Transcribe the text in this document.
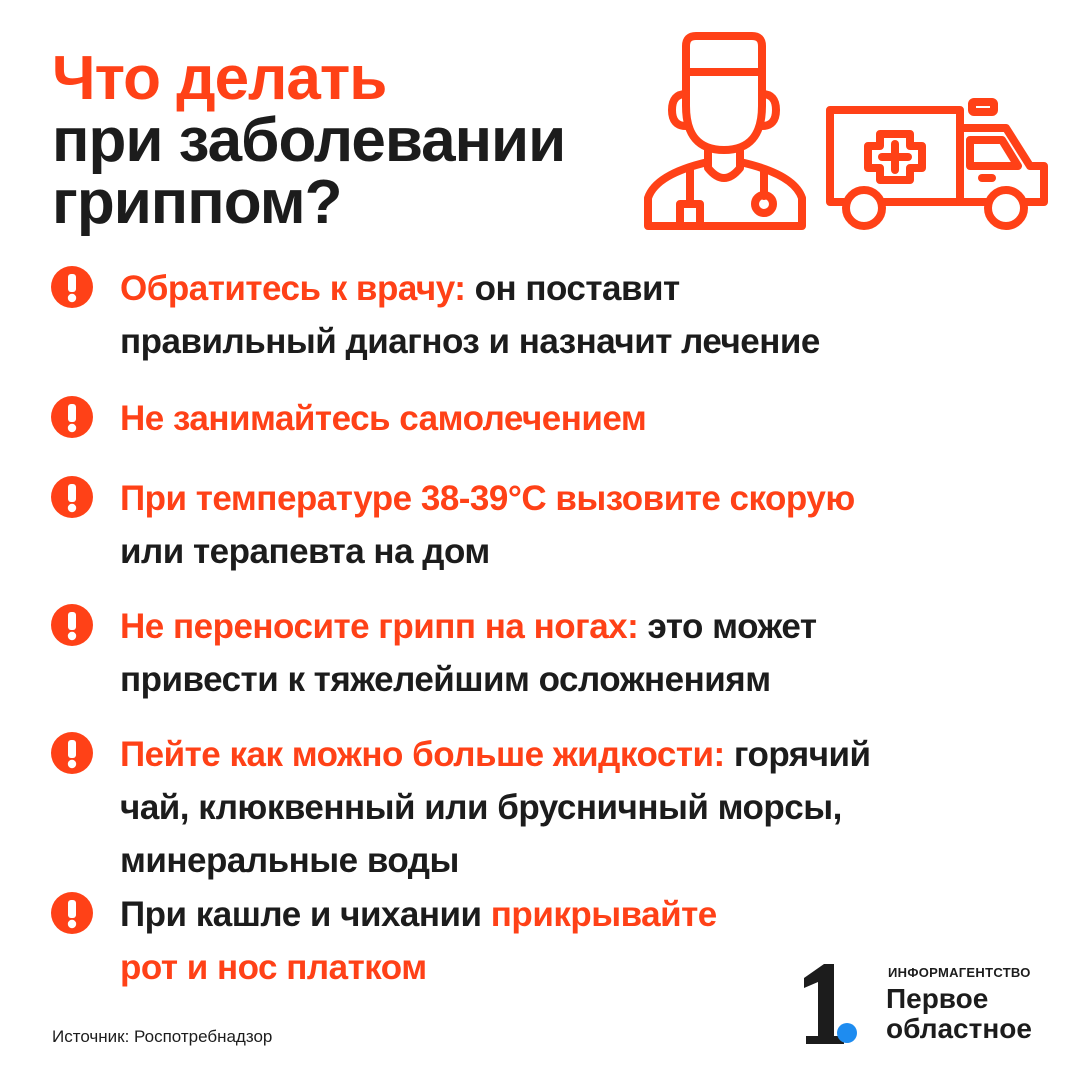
Что делать
при заболевании
гриппом?
Обратитесь к врачу: он поставит
правильный диагноз и назначит лечение
Не занимайтесь самолечением
При температуре 38-39°С вызовите скорую
или терапевта на дом
Не переносите грипп на ногах: это может
привести к тяжелейшим осложнениям
Пейте как можно больше жидкости: горячий
чай, клюквенный или брусничный морсы,
минеральные воды
При кашле и чихании прикрывайте
рот и нос платком
Источник: Роспотребнадзор
ИНФОРМАГЕНТСТВО
Первое
областное
